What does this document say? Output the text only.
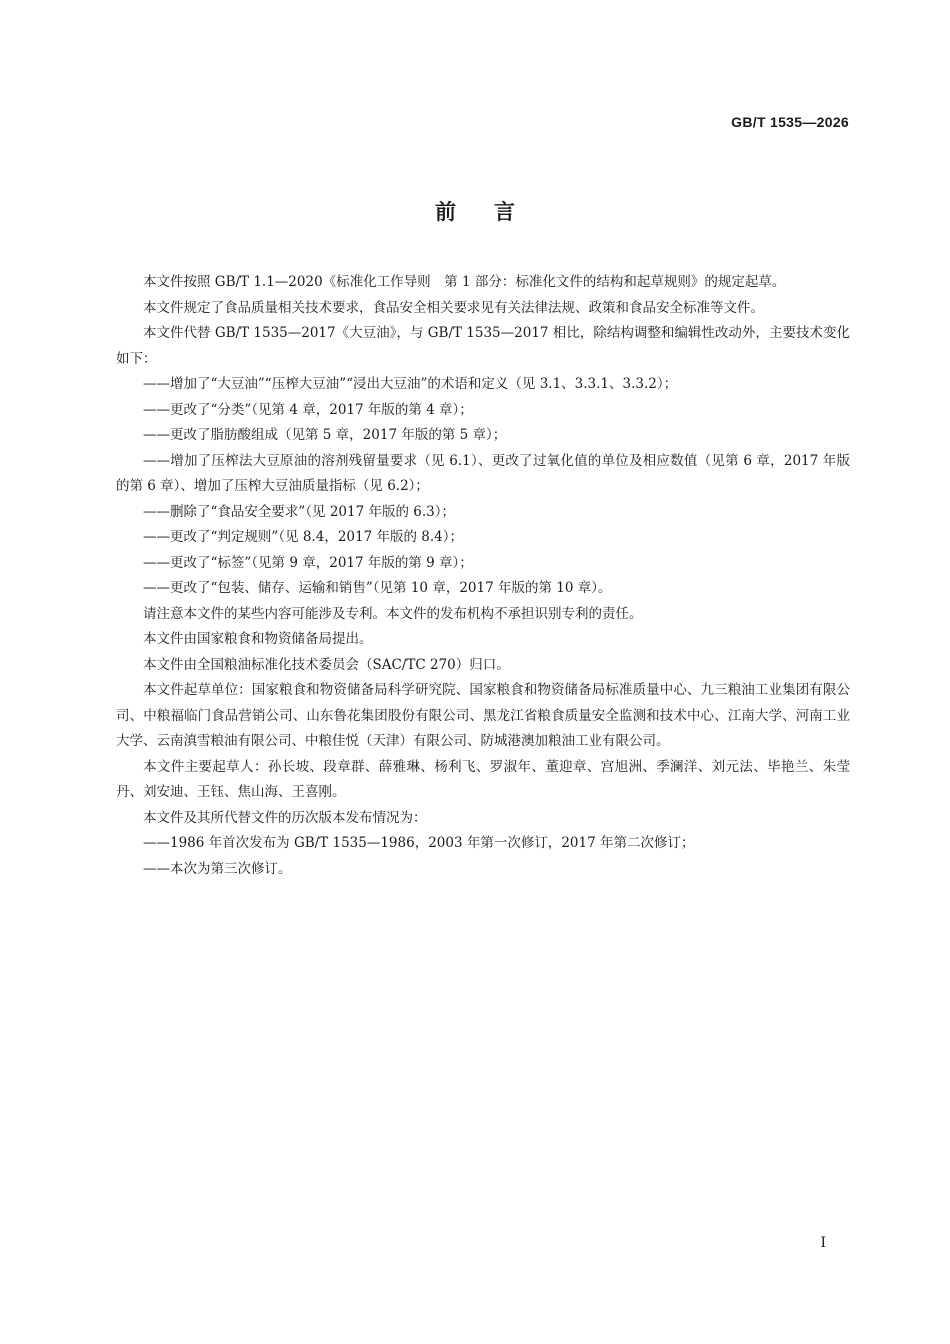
GB/T 1535—2026
前言

本文件按照 GB/T 1.1—2020《标准化工作导则　第 1 部分：标准化文件的结构和起草规则》的规定起草。

本文件规定了食品质量相关技术要求，食品安全相关要求见有关法律法规、政策和食品安全标准等文件。

本文件代替 GB/T 1535—2017《大豆油》，与 GB/T 1535—2017 相比，除结构调整和编辑性改动外，主要技术变化如下：

——增加了“大豆油”“压榨大豆油”“浸出大豆油”的术语和定义（见 3.1、3.3.1、3.3.2）；

——更改了“分类”（见第 4 章，2017 年版的第 4 章）；

——更改了脂肪酸组成（见第 5 章，2017 年版的第 5 章）；

——增加了压榨法大豆原油的溶剂残留量要求（见 6.1）、更改了过氧化值的单位及相应数值（见第 6 章，2017 年版的第 6 章）、增加了压榨大豆油质量指标（见 6.2）；

——删除了“食品安全要求”（见 2017 年版的 6.3）；

——更改了“判定规则”（见 8.4，2017 年版的 8.4）；

——更改了“标签”（见第 9 章，2017 年版的第 9 章）；

——更改了“包装、储存、运输和销售”（见第 10 章，2017 年版的第 10 章）。

请注意本文件的某些内容可能涉及专利。本文件的发布机构不承担识别专利的责任。

本文件由国家粮食和物资储备局提出。

本文件由全国粮油标准化技术委员会（SAC/TC 270）归口。

本文件起草单位：国家粮食和物资储备局科学研究院、国家粮食和物资储备局标准质量中心、九三粮油工业集团有限公司、中粮福临门食品营销公司、山东鲁花集团股份有限公司、黑龙江省粮食质量安全监测和技术中心、江南大学、河南工业大学、云南滇雪粮油有限公司、中粮佳悦（天津）有限公司、防城港澳加粮油工业有限公司。

本文件主要起草人：孙长坡、段章群、薛雅琳、杨利飞、罗淑年、董迎章、宫旭洲、季澜洋、刘元法、毕艳兰、朱莹丹、刘安迪、王钰、焦山海、王喜刚。

本文件及其所代替文件的历次版本发布情况为：

——1986 年首次发布为 GB/T 1535—1986，2003 年第一次修订，2017 年第二次修订；

——本次为第三次修订。

I
